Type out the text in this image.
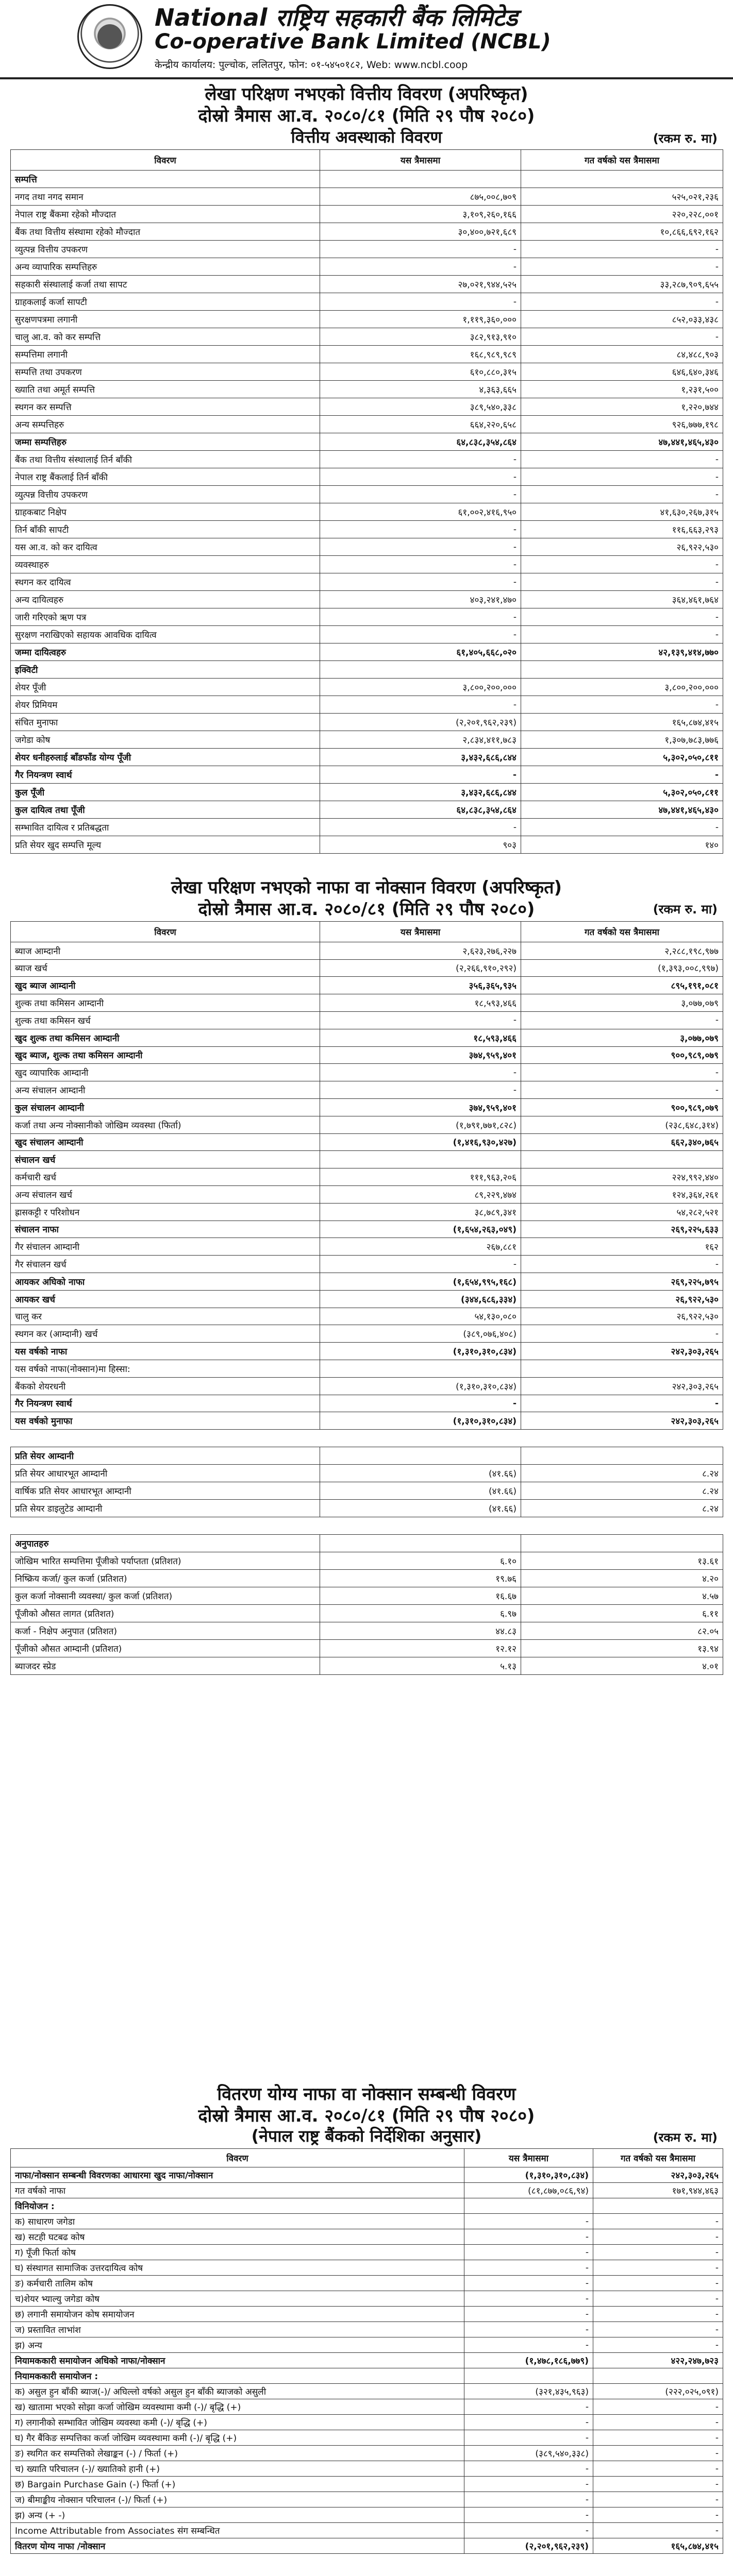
National राष्ट्रिय सहकारी बैंक लिमिटेड
Co-operative Bank Limited (NCBL)
केन्द्रीय कार्यालय: पुल्चोक, ललितपुर, फोन: ०१-५४५०१८२, Web: www.ncbl.coop
लेखा परिक्षण नभएको वित्तीय विवरण (अपरिष्कृत)
दोस्रो त्रैमास आ.व. २०८०/८१ (मिति २९ पौष २०८०)
वित्तीय अवस्थाको विवरण	(रकम रु. मा)
विवरण	यस त्रैमासमा	गत वर्षको यस त्रैमासमा
सम्पत्ति		
नगद तथा नगद समान	८७५,००८,७०९	५२५,०२१,२३६
नेपाल राष्ट्र बैंकमा रहेको मौज्दात	३,१०९,२६०,१६६	२२०,२२८,००१
बैंक तथा वित्तीय संस्थामा रहेको मौज्दात	३०,४००,७२१,६८९	१०,८६६,६९२,१६२
व्युत्पन्न वित्तीय उपकरण	-	-
अन्य व्यापारिक सम्पत्तिहरु	-	-
सहकारी संस्थालाई कर्जा तथा सापट	२७,०२१,९४४,५२५	३३,२८७,९०९,६५५
ग्राहकलाई कर्जा सापटी	-	-
सुरक्षणपत्रमा लगानी	१,११९,३६०,०००	८५२,०३३,४३८
चालु आ.व. को कर सम्पत्ति	३८२,९१३,९१०	-
सम्पत्तिमा लगानी	१६८,९८९,९८९	८४,४८८,९०३
सम्पत्ति तथा उपकरण	६१०,८८०,३१५	६४६,६४०,३४६
ख्याति तथा अमूर्त सम्पत्ति	४,३६३,६६५	१,२३१,५००
स्थगन कर सम्पत्ति	३८९,५४०,३३८	१,२२०,७४४
अन्य सम्पत्तिहरु	६६४,२२०,६५८	९२६,७७७,१९८
जम्मा सम्पत्तिहरु	६४,८३८,३५४,८६४	४७,४४१,४६५,४३०
बैंक तथा वित्तीय संस्थालाई तिर्न बाँकी	-	-
नेपाल राष्ट्र बैंकलाई तिर्न बाँकी	-	-
व्युत्पन्न वित्तीय उपकरण	-	-
ग्राहकबाट निक्षेप	६१,००२,४१६,९५०	४१,६३०,२६७,३१५
तिर्न बाँकी सापटी	-	११६,६६३,२९३
यस आ.व. को कर दायित्व	-	२६,९२२,५३०
व्यवस्थाहरु	-	-
स्थगन कर दायित्व	-	-
अन्य दायित्वहरु	४०३,२४१,४७०	३६४,४६१,७६४
जारी गरिएको ऋण पत्र	-	-
सुरक्षण नराखिएको सहायक आवधिक दायित्व	-	-
जम्मा दायित्वहरु	६१,४०५,६६८,०२०	४२,१३९,४१४,७७०
इक्विटी		
शेयर पूँजी	३,८००,२००,०००	३,८००,२००,०००
शेयर प्रिमियम	-	-
संचित मुनाफा	(२,२०१,९६२,२३९)	१६५,८७४,४१५
जगेडा कोष	२,८३४,४११,७८३	१,३०७,७८३,७७६
शेयर धनीहरुलाई बाँडफाँड योग्य पूँजी	३,४३२,६८६,८४४	५,३०२,०५०,८११
गैर नियन्त्रण स्वार्थ	-	-
कुल पूँजी	३,४३२,६८६,८४४	५,३०२,०५०,८११
कुल दायित्व तथा पूँजी	६४,८३८,३५४,८६४	४७,४४१,४६५,४३०
सम्भावित दायित्व र प्रतिबद्धता	-	-
प्रति सेयर खुद सम्पत्ति मूल्य	९०३	१४०
लेखा परिक्षण नभएको नाफा वा नोक्सान विवरण (अपरिष्कृत)
दोस्रो त्रैमास आ.व. २०८०/८१ (मिति २९ पौष २०८०)	(रकम रु. मा)
विवरण	यस त्रैमासमा	गत वर्षको यस त्रैमासमा
ब्याज आम्दानी	२,६२३,२७६,२२७	२,२८८,१९८,९७७
ब्याज खर्च	(२,२६६,९१०,२९२)	(१,३९३,००८,९९७)
खुद ब्याज आम्दानी	३५६,३६५,९३५	८९५,१९१,०८१
शुल्क तथा कमिसन आम्दानी	१८,५९३,४६६	३,०७७,०७९
शुल्क तथा कमिसन खर्च	-	-
खुद शुल्क तथा कमिसन आम्दानी	१८,५९३,४६६	३,०७७,०७९
खुद ब्याज, शुल्क तथा कमिसन आम्दानी	३७४,९५९,४०१	९००,९८९,०७९
खुद व्यापारिक आम्दानी	-	-
अन्य संचालन आम्दानी	-	-
कुल संचालन आम्दानी	३७४,९५९,४०१	९००,९८९,०७९
कर्जा तथा अन्य नोक्सानीको जोखिम व्यवस्था (फिर्ता)	(१,७९१,७७१,८२८)	(२३८,६४८,३१४)
खुद संचालन आम्दानी	(१,४१६,९३०,४२७)	६६२,३४०,७६५
संचालन खर्च		
कर्मचारी खर्च	१११,९६३,२०६	२२४,९९२,४४०
अन्य संचालन खर्च	८९,२२९,४७४	१२४,३६४,२६१
ह्रासकट्टी र परिशोधन	३८,७८९,३४१	५४,२८२,५२१
संचालन नाफा	(१,६५४,२६३,०४९)	२६९,२२५,६३३
गैर संचालन आम्दानी	२६७,८८१	१६२
गैर संचालन खर्च	-	-
आयकर अघिको नाफा	(१,६५४,९९५,१६८)	२६९,२२५,७९५
आयकर खर्च	(३४४,६८६,३३४)	२६,९२२,५३०
चालु कर	५४,१३०,०८०	२६,९२२,५३०
स्थगन कर (आम्दानी) खर्च	(३८९,०७६,४०८)	-
यस वर्षको नाफा	(१,३१०,३१०,८३४)	२४२,३०३,२६५
यस वर्षको नाफा(नोक्सान)मा हिस्सा:		
बैंकको शेयरधनी	(१,३१०,३१०,८३४)	२४२,३०३,२६५
गैर नियन्त्रण स्वार्थ	-	-
यस वर्षको मुनाफा	(१,३१०,३१०,८३४)	२४२,३०३,२६५

प्रति सेयर आम्दानी		
प्रति सेयर आधारभूत आम्दानी	(४१.६६)	८.२४
वार्षिक प्रति सेयर आधारभूत आम्दानी	(४१.६६)	८.२४
प्रति सेयर डाइलुटेड आम्दानी	(४१.६६)	८.२४

अनुपातहरु		
जोखिम भारित सम्पत्तिमा पूँजीको पर्याप्तता (प्रतिशत)	६.१०	१३.६१
निष्क्रिय कर्जा/ कुल कर्जा (प्रतिशत)	१९.७६	४.२०
कुल कर्जा नोक्सानी व्यवस्था/ कुल कर्जा (प्रतिशत)	१६.६७	४.५७
पूँजीको औसत लागत (प्रतिशत)	६.९७	६.११
कर्जा - निक्षेप अनुपात (प्रतिशत)	४४.८३	८२.०५
पूँजीको औसत आम्दानी (प्रतिशत)	१२.१२	१३.९४
ब्याजदर स्प्रेड	५.१३	४.०१
वितरण योग्य नाफा वा नोक्सान सम्बन्धी विवरण
दोस्रो त्रैमास आ.व. २०८०/८१ (मिति २९ पौष २०८०)
(नेपाल राष्ट्र बैंकको निर्देशिका अनुसार)	(रकम रु. मा)
विवरण	यस त्रैमासमा	गत वर्षको यस त्रैमासमा
नाफा/नोक्सान सम्बन्धी विवरणका आधारमा खुद नाफा/नोक्सान	(१,३१०,३१०,८३४)	२४२,३०३,२६५
गत वर्षको नाफा	(८१,८७७,०८६,९४)	१७१,९४४,४६३
विनियोजन :		
क) साधारण जगेडा	-	-
ख) सटही घटबढ कोष	-	-
ग) पूँजी फिर्ता कोष	-	-
घ) संस्थागत सामाजिक उत्तरदायित्व कोष	-	-
ङ) कर्मचारी तालिम कोष	-	-
च)शेयर भ्याल्यु जगेडा कोष	-	-
छ) लगानी समायोजन कोष समायोजन	-	-
ज) प्रस्तावित लाभांश	-	-
झ) अन्य	-	-
नियामककारी समायोजन अधिको नाफा/नोक्सान	(१,४७८,१८६,७७९)	४२२,२४७,७२३
नियामककारी समायोजन :		
क) असुल हुन बाँकी ब्याज(-)/ अघिल्लो वर्षको असुल हुन बाँकी ब्याजको असुली	(३२१,४३५,९६३)	(२२२,०२५,०९१)
ख) खातामा भएको सोझा कर्जा जोखिम व्यवस्थामा कमी (-)/ बृद्धि (+)	-	-
ग) लगानीको सम्भावित जोखिम व्यवस्था कमी (-)/ बृद्धि (+)	-	-
घ) गैर बैंकिङ सम्पत्तिका कर्जा जोखिम व्यवस्थामा कमी (-)/ बृद्धि (+)	-	-
ङ) स्थगित कर सम्पत्तिको लेखाङ्कन (-) / फिर्ता (+)	(३८९,५४०,३३८)	-
च) ख्याति परिचालन (-)/ ख्यातिको हानी (+)	-	-
छ) Bargain Purchase Gain (-) फिर्ता (+)	-	-
ज) बीमाङ्कीय नोक्सान परिचालन (-)/ फिर्ता (+)	-	-
झ) अन्य (+ -)	-	-
Income Attributable from Associates संग सम्बन्धित	-	-
वितरण योग्य नाफा /नोक्सान	(२,२०१,९६२,२३९)	१६५,८७४,४१५
